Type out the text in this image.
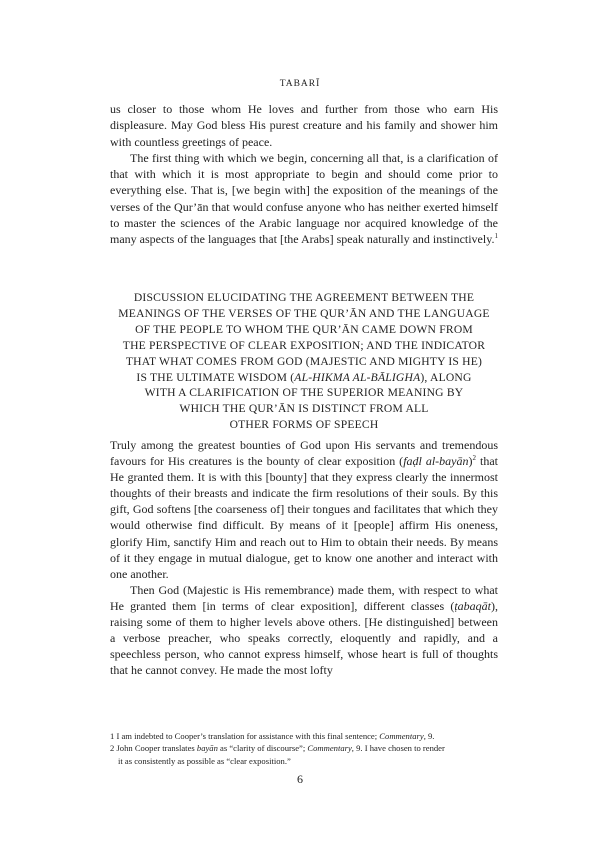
TABARĪ

us closer to those whom He loves and further from those who earn His displeasure. May God bless His purest creature and his family and shower him with countless greetings of peace.

The first thing with which we begin, concerning all that, is a clarification of that with which it is most appropriate to begin and should come prior to everything else. That is, [we begin with] the exposition of the meanings of the verses of the Qur’ān that would confuse anyone who has neither exerted himself to master the sciences of the Arabic language nor acquired knowledge of the many aspects of the languages that [the Arabs] speak naturally and instinctively.$^1$

DISCUSSION ELUCIDATING THE AGREEMENT BETWEEN THE

MEANINGS OF THE VERSES OF THE QUR’ĀN AND THE LANGUAGE

OF THE PEOPLE TO WHOM THE QUR’ĀN CAME DOWN FROM

THE PERSPECTIVE OF CLEAR EXPOSITION; AND THE INDICATOR

THAT WHAT COMES FROM GOD (MAJESTIC AND MIGHTY IS HE)

IS THE ULTIMATE WISDOM (AL-HIKMA AL-BĀLIGHA), ALONG

WITH A CLARIFICATION OF THE SUPERIOR MEANING BY

WHICH THE QUR’ĀN IS DISTINCT FROM ALL

OTHER FORMS OF SPEECH

Truly among the greatest bounties of God upon His servants and tremendous favours for His creatures is the bounty of clear exposition (faḍl al-bayān)$^2$ that He granted them. It is with this [bounty] that they express clearly the innermost thoughts of their breasts and indicate the firm resolutions of their souls. By this gift, God softens [the coarseness of] their tongues and facilitates that which they would otherwise find difficult. By means of it [people] affirm His oneness, glorify Him, sanctify Him and reach out to Him to obtain their needs. By means of it they engage in mutual dialogue, get to know one another and interact with one another.

Then God (Majestic is His remembrance) made them, with respect to what He granted them [in terms of clear exposition], different classes (ṭabaqāt), raising some of them to higher levels above others. [He distinguished] between a verbose preacher, who speaks correctly, eloquently and rapidly, and a speechless person, who cannot express himself, whose heart is full of thoughts that he cannot convey. He made the most lofty

1 I am indebted to Cooper’s translation for assistance with this final sentence; Commentary, 9.

2 John Cooper translates bayān as “clarity of discourse”; Commentary, 9. I have chosen to render

it as consistently as possible as “clear exposition.”

6
